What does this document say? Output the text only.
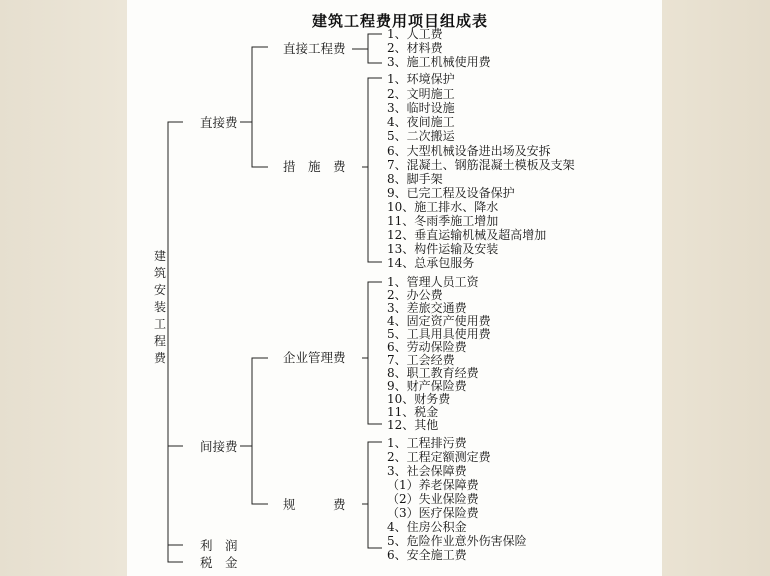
建筑工程费用项目组成表
建筑安装工程费
直接费
间接费
利　润
税　金
直接工程费
措　施　费
企业管理费
规　　　费
1、人工费
2、材料费
3、施工机械使用费
1、环境保护
2、文明施工
3、临时设施
4、夜间施工
5、二次搬运
6、大型机械设备进出场及安拆
7、混凝土、钢筋混凝土模板及支架
8、脚手架
9、已完工程及设备保护
10、施工排水、降水
11、冬雨季施工增加
12、垂直运输机械及超高增加
13、构件运输及安装
14、总承包服务
1、管理人员工资
2、办公费
3、差旅交通费
4、固定资产使用费
5、工具用具使用费
6、劳动保险费
7、工会经费
8、职工教育经费
9、财产保险费
10、财务费
11、税金
12、其他
1、工程排污费
2、工程定额测定费
3、社会保障费
（1）养老保障费
（2）失业保险费
（3）医疗保险费
4、住房公积金
5、危险作业意外伤害保险
6、安全施工费
